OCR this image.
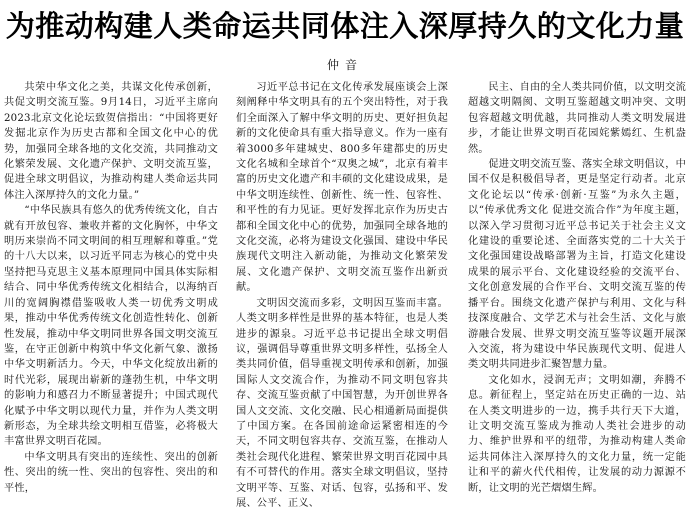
为推动构建人类命运共同体注入深厚持久的文化力量
仲音

共荣中华文化之美，共谋文化传承创新，共促文明交流互鉴。9月14日，习近平主席向2023北京文化论坛致贺信指出：“中国将更好发掘北京作为历史古都和全国文化中心的优势，加强同全球各地的文化交流，共同推动文化繁荣发展、文化遗产保护、文明交流互鉴，促进全球文明倡议，为推动构建人类命运共同体注入深厚持久的文化力量。”

“中华民族具有悠久的优秀传统文化，自古就有开放包容、兼收并蓄的文化胸怀，中华文明历来崇尚不同文明间的相互理解和尊重。”党的十八大以来，以习近平同志为核心的党中央坚持把马克思主义基本原理同中国具体实际相结合、同中华优秀传统文化相结合，以海纳百川的宽阔胸襟借鉴吸收人类一切优秀文明成果，推动中华优秀传统文化创造性转化、创新性发展，推动中华文明同世界各国文明交流互鉴，在守正创新中构筑中华文化新气象、激扬中华文明新活力。今天，中华文化绽放出新的时代光彩，展现出崭新的蓬勃生机，中华文明的影响力和感召力不断显著提升；中国式现代化赋予中华文明以现代力量，并作为人类文明新形态，为全球共绘文明相互借鉴，必将极大丰富世界文明百花园。

中华文明具有突出的连续性、突出的创新性、突出的统一性、突出的包容性、突出的和平性，

习近平总书记在文化传承发展座谈会上深刻阐释中华文明具有的五个突出特性，对于我们全面深入了解中华文明的历史、更好担负起新的文化使命具有重大指导意义。作为一座有着3000多年建城史、800多年建都史的历史文化名城和全球首个“双奥之城”，北京有着丰富的历史文化遗产和丰硕的文化建设成果，是中华文明连续性、创新性、统一性、包容性、和平性的有力见证。更好发挥北京作为历史古都和全国文化中心的优势，加强同全球各地的文化交流，必将为建设文化强国、建设中华民族现代文明注入新动能，为推动文化繁荣发展、文化遗产保护、文明交流互鉴作出新贡献。

文明因交流而多彩，文明因互鉴而丰富。人类文明多样性是世界的基本特征，也是人类进步的源泉。习近平总书记提出全球文明倡议，强调倡导尊重世界文明多样性，弘扬全人类共同价值，倡导重视文明传承和创新，加强国际人文交流合作，为推动不同文明包容共存、交流互鉴贡献了中国智慧，为开创世界各国人文交流、文化交融、民心相通新局面提供了中国方案。在各国前途命运紧密相连的今天，不同文明包容共存、交流互鉴，在推动人类社会现代化进程、繁荣世界文明百花园中具有不可替代的作用。落实全球文明倡议，坚持文明平等、互鉴、对话、包容，弘扬和平、发展、公平、正义、

民主、自由的全人类共同价值，以文明交流超越文明隔阂、文明互鉴超越文明冲突、文明包容超越文明优越，共同推动人类文明发展进步，才能让世界文明百花园姹紫嫣红、生机盎然。

促进文明交流互鉴、落实全球文明倡议，中国不仅是积极倡导者，更是坚定行动者。北京文化论坛以“传承·创新·互鉴”为永久主题，以“传承优秀文化 促进交流合作”为年度主题，以深入学习贯彻习近平总书记关于社会主义文化建设的重要论述、全面落实党的二十大关于文化强国建设战略部署为主旨，打造文化建设成果的展示平台、文化建设经验的交流平台、文化创意发展的合作平台、文明交流互鉴的传播平台。围绕文化遗产保护与利用、文化与科技深度融合、文学艺术与社会生活、文化与旅游融合发展、世界文明交流互鉴等议题开展深入交流，将为建设中华民族现代文明、促进人类文明共同进步汇聚智慧力量。

文化如水，浸润无声；文明如潮，奔腾不息。新征程上，坚定站在历史正确的一边、站在人类文明进步的一边，携手共行天下大道，让文明交流互鉴成为推动人类社会进步的动力、维护世界和平的纽带，为推动构建人类命运共同体注入深厚持久的文化力量，统一定能让和平的薪火代代相传，让发展的动力源源不断，让文明的光芒熠熠生辉。
